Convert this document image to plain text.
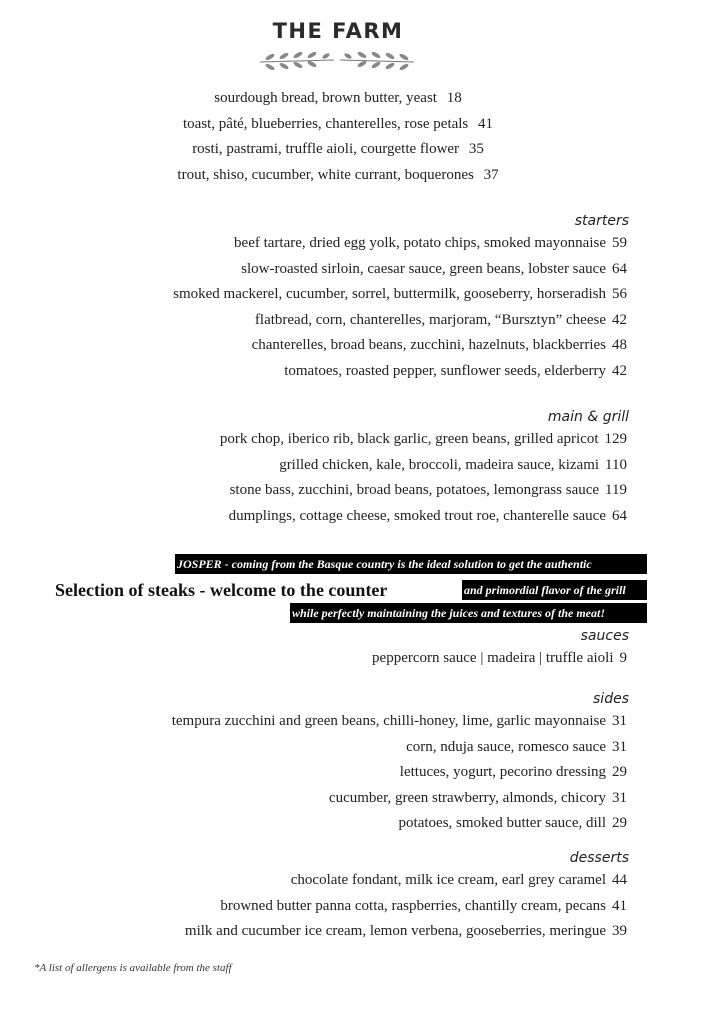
THE FARM
sourdough bread, brown butter, yeast 18
toast, pâté, blueberries, chanterelles, rose petals 41
rosti, pastrami, truffle aioli, courgette flower 35
trout, shiso, cucumber, white currant, boquerones 37
starters
beef tartare, dried egg yolk, potato chips, smoked mayonnaise 59
slow-roasted sirloin, caesar sauce, green beans, lobster sauce 64
smoked mackerel, cucumber, sorrel, buttermilk, gooseberry, horseradish 56
flatbread, corn, chanterelles, marjoram, “Bursztyn” cheese 42
chanterelles, broad beans, zucchini, hazelnuts, blackberries 48
tomatoes, roasted pepper, sunflower seeds, elderberry 42
main & grill
pork chop, iberico rib, black garlic, green beans, grilled apricot 129
grilled chicken, kale, broccoli, madeira sauce, kizami 110
stone bass, zucchini, broad beans, potatoes, lemongrass sauce 119
dumplings, cottage cheese, smoked trout roe, chanterelle sauce 64
JOSPER - coming from the Basque country is the ideal solution to get the authentic
Selection of steaks - welcome to the counter	and primordial flavor of the grill
while perfectly maintaining the juices and textures of the meat!
sauces
peppercorn sauce | madeira | truffle aioli 9
sides
tempura zucchini and green beans, chilli-honey, lime, garlic mayonnaise 31
corn, nduja sauce, romesco sauce 31
lettuces, yogurt, pecorino dressing 29
cucumber, green strawberry, almonds, chicory 31
potatoes, smoked butter sauce, dill 29
desserts
chocolate fondant, milk ice cream, earl grey caramel 44
browned butter panna cotta, raspberries, chantilly cream, pecans 41
milk and cucumber ice cream, lemon verbena, gooseberries, meringue 39
*A list of allergens is available from the staff
